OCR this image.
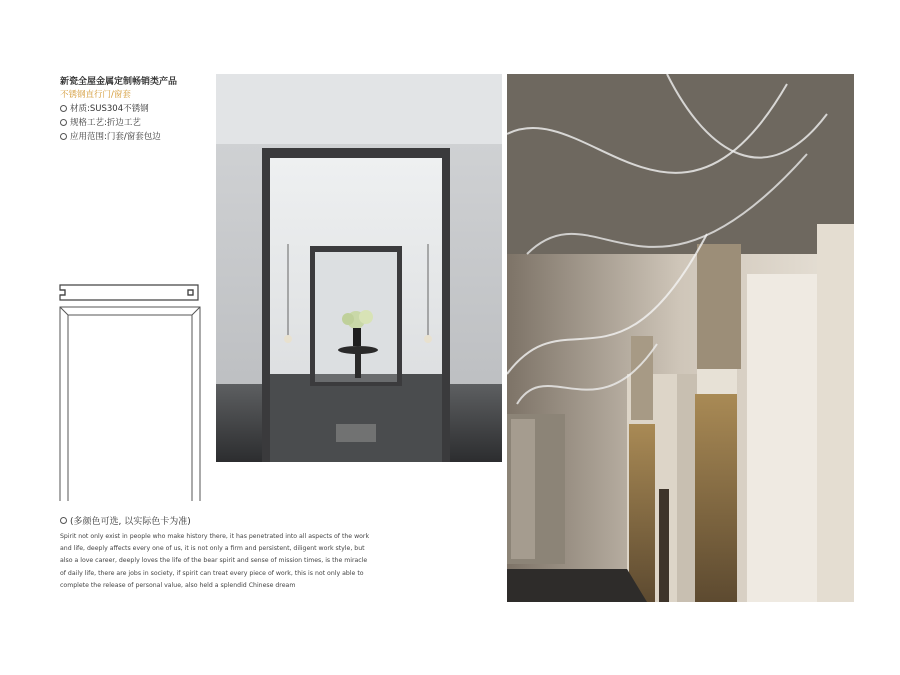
新瓷全屋金属定制畅销类产品
不锈钢直行门/窗套
材质:SUS304不锈钢
规格工艺:折边工艺
应用范围:门套/窗套包边
(多颜色可选, 以实际色卡为准)
Spirit not only exist in people who make history there, it has penetrated into all aspects of the work and life, deeply affects every one of us, it is not only a firm and persistent, diligent work style, but also a love career, deeply loves the life of the bear spirit and sense of mission times, is the miracle of daily life, there are jobs in society, if spirit can treat every piece of work, this is not only able to complete the release of personal value, also held a splendid Chinese dream
